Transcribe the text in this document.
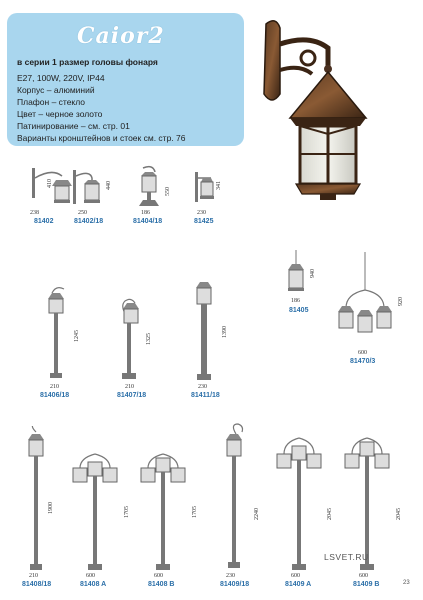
Caior2
в серии 1 размер головы фонаря
E27, 100W, 220V, IP44
Корпус – алюминий
Плафон – стекло
Цвет – черное золото
Патинирование – см. стр. 01
Варианты кронштейнов и стоек см. стр. 76
410
238
81402
440
250
81402/18
550
186
81404/18
341
230
81425
940
186
81405
920
600
81470/3
1245
210
81406/18
1325
210
81407/18
1390
230
81411/18
1900
210
81408/18
1705
600
81408 A
1705
600
81408 B
2240
230
81409/18
2045
600
81409 A
2045
600
81409 B
LSVET.RU
23
